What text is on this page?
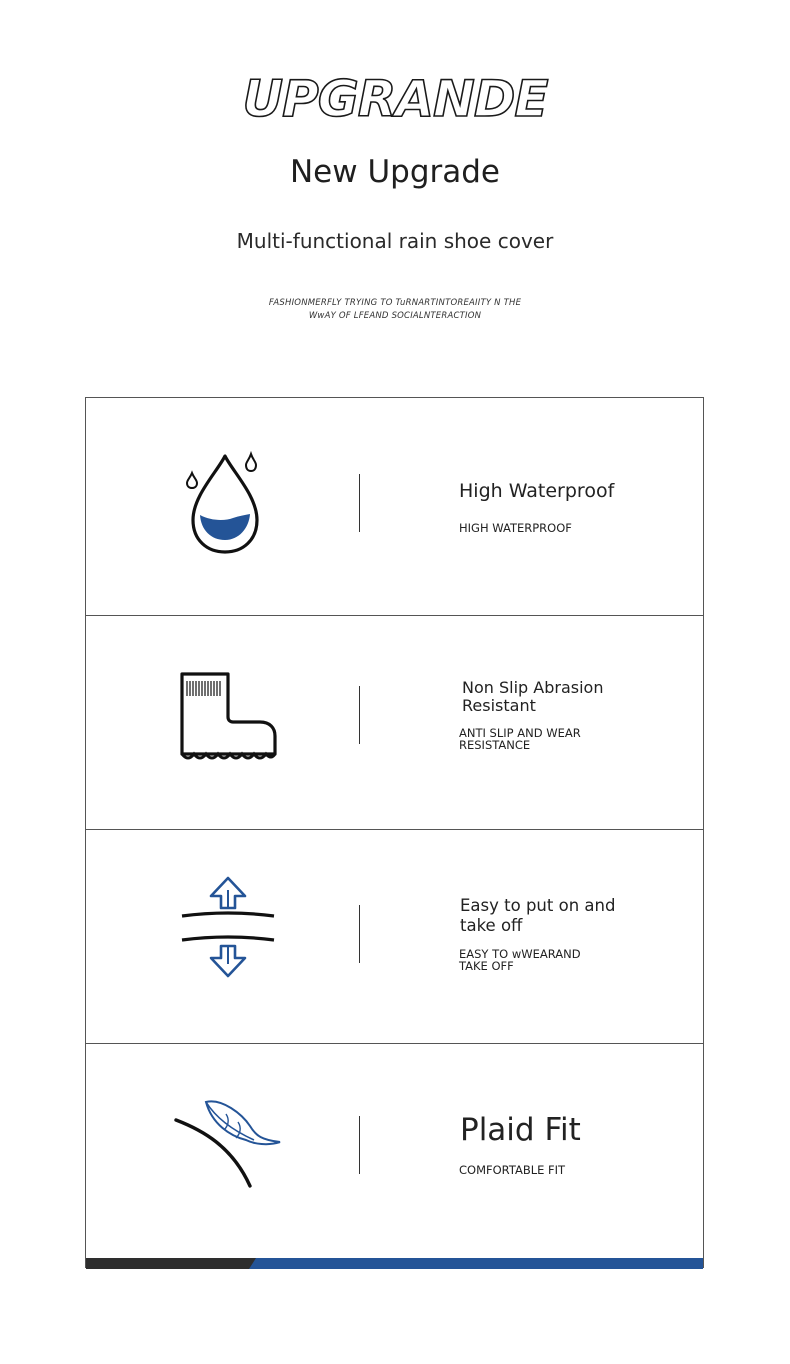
UPGRANDE
New Upgrade
Multi-functional rain shoe cover
FASHIONMERFLY TRYING TO TuRNARTINTOREAIITY N THE
WwAY OF LFEAND SOCIALNTERACTION
High Waterproof
HIGH WATERPROOF
Non Slip Abrasion
Resistant
ANTI SLIP AND WEAR
RESISTANCE
Easy to put on and
take off
EASY TO wWEARAND
TAKE OFF
Plaid Fit
COMFORTABLE FIT
